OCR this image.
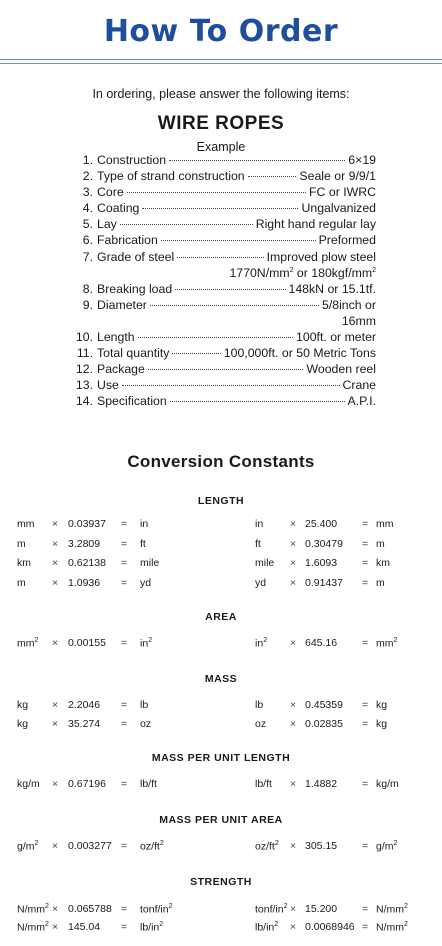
How To Order
In ordering, please answer the following items:
WIRE ROPES
Example
1. Construction	6×19
2. Type of strand construction	Seale or 9/9/1
3. Core	FC or IWRC
4. Coating	Ungalvanized
5. Lay	Right hand regular lay
6. Fabrication	Preformed
7. Grade of steel	Improved plow steel
$1770N/mm^2$ or $180kgf/mm^2$
8. Breaking load	148kN or 15.1tf.
9. Diameter	5/8inch or
16mm
10. Length	100ft. or meter
11. Total quantity	100,000ft. or 50 Metric Tons
12. Package	Wooden reel
13. Use	Crane
14. Specification	A.P.I.
Conversion Constants
LENGTH
mm × 0.03937 = in	in	× 25.400 = mm
m	× 3.2809 = ft	ft	× 0.30479 = m
km × 0.62138 = mile	mile × 1.6093 = km
m	× 1.0936 = yd	yd × 0.91437 = m
AREA
$mm^2 \times 0.00155 = in^2$	$in^2 \times 645.16 = mm^2$
MASS
kg × 2.2046 = lb	lb	× 0.45359 = kg
kg × 35.274 = oz	oz × 0.02835 = kg
MASS PER UNIT LENGTH
kg/m × 0.67196 = lb/ft	lb/ft × 1.4882 = kg/m
MASS PER UNIT AREA
$g/m^2 \times 0.003277 = oz/ft^2$	$oz/ft^2 \times 305.15 = g/m^2$
STRENGTH
$N/mm^2 \times 0.065788$ = tonf/$in^2$	tonf/$in^2 \times 15.200 = N/mm^2$
$N/mm^2 \times 145.04 = lb/in^2$	$lb/in^2 \times 0.0068946 = N/mm^2$
